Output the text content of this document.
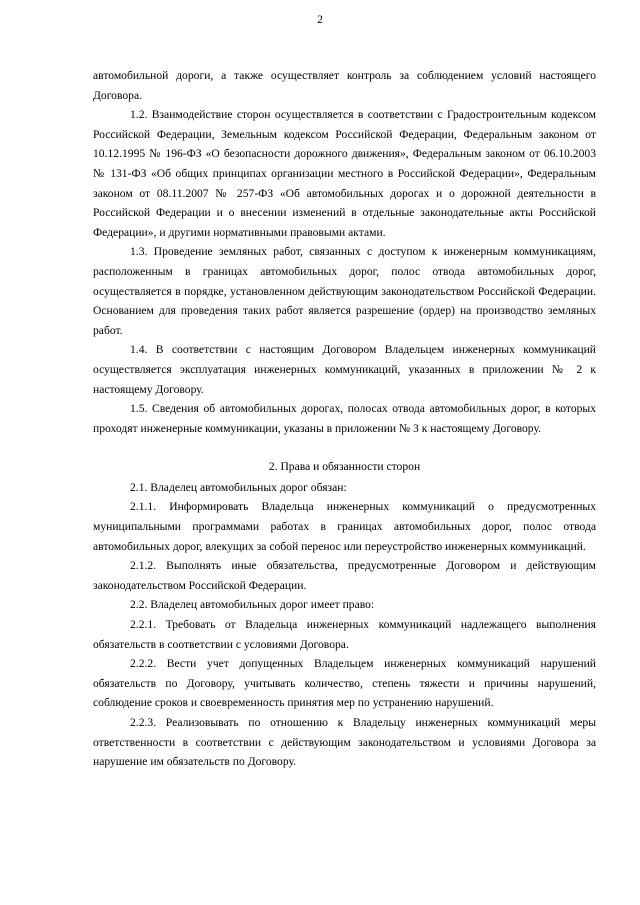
2

автомобильной дороги, а также осуществляет контроль за соблюдением условий настоящего Договора.

1.2. Взаимодействие сторон осуществляется в соответствии с Градостроительным кодексом Российской Федерации, Земельным кодексом Российской Федерации, Федеральным законом от 10.12.1995 № 196-ФЗ «О безопасности дорожного движения», Федеральным законом от 06.10.2003 № 131-ФЗ «Об общих принципах организации местного в Российской Федерации», Федеральным законом от 08.11.2007 № 257-ФЗ «Об автомобильных дорогах и о дорожной деятельности в Российской Федерации и о внесении изменений в отдельные законодательные акты Российской Федерации», и другими нормативными правовыми актами.

1.3. Проведение земляных работ, связанных с доступом к инженерным коммуникациям, расположенным в границах автомобильных дорог, полос отвода автомобильных дорог, осуществляется в порядке, установленном действующим законодательством Российской Федерации. Основанием для проведения таких работ является разрешение (ордер) на производство земляных работ.

1.4. В соответствии с настоящим Договором Владельцем инженерных коммуникаций осуществляется эксплуатация инженерных коммуникаций, указанных в приложении № 2 к настоящему Договору.

1.5. Сведения об автомобильных дорогах, полосах отвода автомобильных дорог, в которых проходят инженерные коммуникации, указаны в приложении № 3 к настоящему Договору.

2. Права и обязанности сторон

2.1. Владелец автомобильных дорог обязан:

2.1.1. Информировать Владельца инженерных коммуникаций о предусмотренных муниципальными программами работах в границах автомобильных дорог, полос отвода автомобильных дорог, влекущих за собой перенос или переустройство инженерных коммуникаций.

2.1.2. Выполнять иные обязательства, предусмотренные Договором и действующим законодательством Российской Федерации.

2.2. Владелец автомобильных дорог имеет право:

2.2.1. Требовать от Владельца инженерных коммуникаций надлежащего выполнения обязательств в соответствии с условиями Договора.

2.2.2. Вести учет допущенных Владельцем инженерных коммуникаций нарушений обязательств по Договору, учитывать количество, степень тяжести и причины нарушений, соблюдение сроков и своевременность принятия мер по устранению нарушений.

2.2.3. Реализовывать по отношению к Владельцу инженерных коммуникаций меры ответственности в соответствии с действующим законодательством и условиями Договора за нарушение им обязательств по Договору.
